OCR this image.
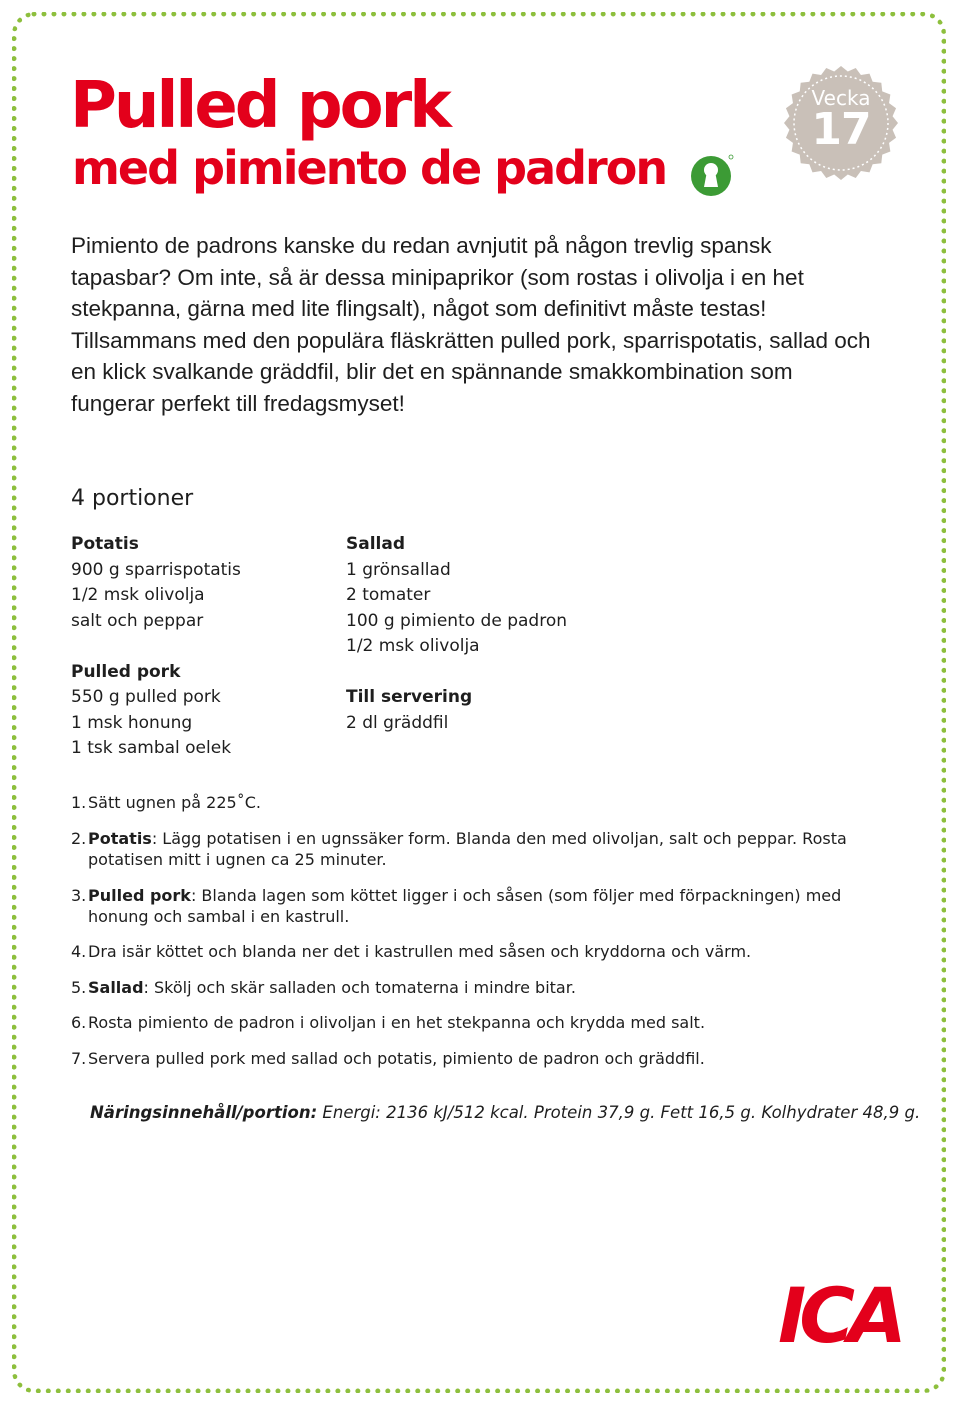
Pulled pork
med pimiento de padron
Vecka
17

Pimiento de padrons kanske du redan avnjutit på någon trevlig spansk tapasbar? Om inte, så är dessa minipaprikor (som rostas i olivolja i en het stekpanna, gärna med lite flingsalt), något som definitivt måste testas! Tillsammans med den populära fläskrätten pulled pork, sparrispotatis, sallad och en klick svalkande gräddfil, blir det en spännande smakkombination som fungerar perfekt till fredagsmyset!

4 portioner
Potatis
900 g sparrispotatis
1/2 msk olivolja
salt och peppar
Pulled pork
550 g pulled pork
1 msk honung
1 tsk sambal oelek
Sallad
1 grönsallad
2 tomater
100 g pimiento de padron
1/2 msk olivolja
Till servering
2 dl gräddfil
1. Sätt ugnen på 225˚C.
2. Potatis: Lägg potatisen i en ugnssäker form. Blanda den med olivoljan, salt och peppar. Rosta potatisen mitt i ugnen ca 25 minuter.
3. Pulled pork: Blanda lagen som köttet ligger i och såsen (som följer med förpackningen) med honung och sambal i en kastrull.
4. Dra isär köttet och blanda ner det i kastrullen med såsen och kryddorna och värm.
5. Sallad: Skölj och skär salladen och tomaterna i mindre bitar.
6. Rosta pimiento de padron i olivoljan i en het stekpanna och krydda med salt.
7. Servera pulled pork med sallad och potatis, pimiento de padron och gräddfil.

Näringsinnehåll/portion: Energi: 2136 kJ/512 kcal. Protein 37,9 g. Fett 16,5 g. Kolhydrater 48,9 g.

ICA
